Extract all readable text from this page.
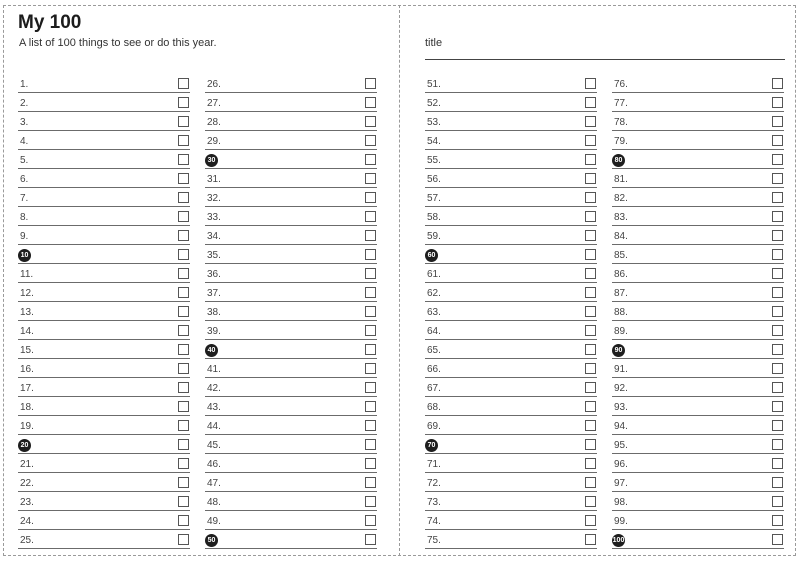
My 100

A list of 100 things to see or do this year.	title
1.
2.
3.
4.
5.
6.
7.
8.
9.
10
11.
12.
13.
14.
15.
16.
17.
18.
19.
20
21.
22.
23.
24.
25.
26.
27.
28.
29.
30
31.
32.
33.
34.
35.
36.
37.
38.
39.
40
41.
42.
43.
44.
45.
46.
47.
48.
49.
50
51.
52.
53.
54.
55.
56.
57.
58.
59.
60
61.
62.
63.
64.
65.
66.
67.
68.
69.
70
71.
72.
73.
74.
75.
76.
77.
78.
79.
80
81.
82.
83.
84.
85.
86.
87.
88.
89.
90
91.
92.
93.
94.
95.
96.
97.
98.
99.
100
